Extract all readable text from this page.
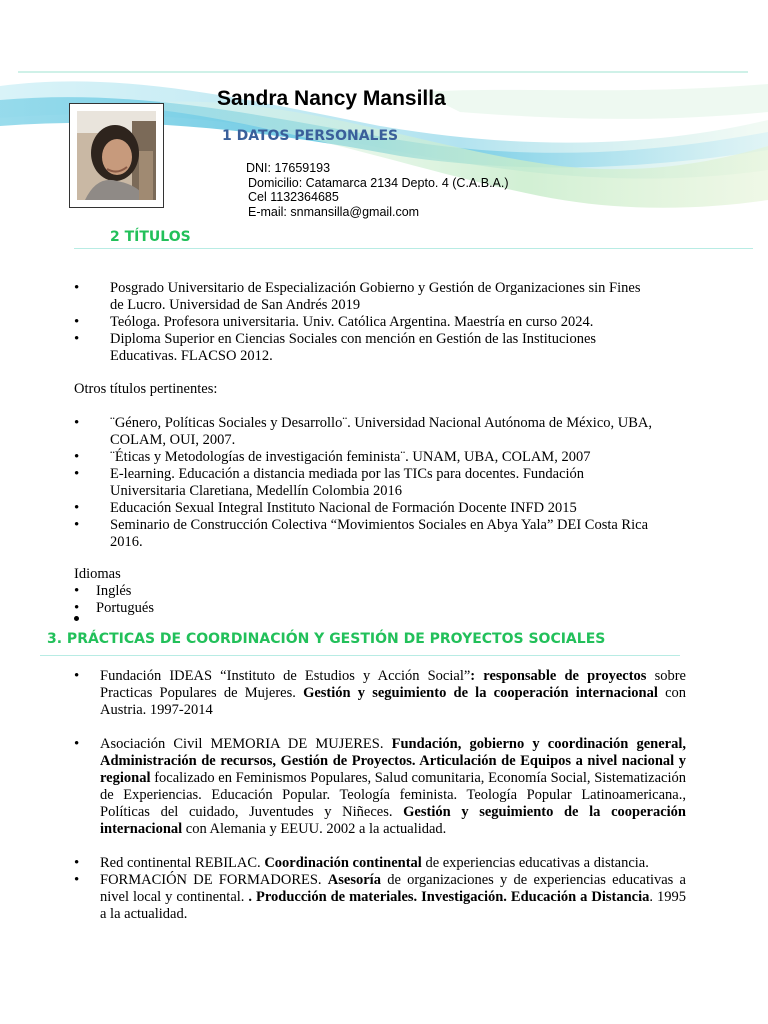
Sandra Nancy Mansilla
1 DATOS PERSONALES
DNI: 17659193
Domicilio: Catamarca 2134 Depto. 4 (C.A.B.A.)
Cel 1132364685
E-mail: snmansilla@gmail.com
2 TÍTULOS
• Posgrado Universitario de Especialización Gobierno y Gestión de Organizaciones sin Fines de Lucro. Universidad de San Andrés 2019
• Teóloga. Profesora universitaria. Univ. Católica Argentina. Maestría en curso 2024.
• Diploma Superior en Ciencias Sociales con mención en Gestión de las Instituciones Educativas. FLACSO 2012.
Otros títulos pertinentes:
• ¨Género, Políticas Sociales y Desarrollo¨. Universidad Nacional Autónoma de México, UBA, COLAM, OUI, 2007.
• ¨Éticas y Metodologías de investigación feminista¨. UNAM, UBA, COLAM, 2007
• E-learning. Educación a distancia mediada por las TICs para docentes. Fundación Universitaria Claretiana, Medellín Colombia 2016
• Educación Sexual Integral Instituto Nacional de Formación Docente INFD 2015
• Seminario de Construcción Colectiva “Movimientos Sociales en Abya Yala” DEI Costa Rica 2016.
Idiomas
• Inglés
• Portugués
3. PRÁCTICAS DE COORDINACIÓN Y GESTIÓN DE PROYECTOS SOCIALES
• Fundación IDEAS “Instituto de Estudios y Acción Social”: responsable de proyectos sobre Practicas Populares de Mujeres. Gestión y seguimiento de la cooperación internacional con Austria. 1997-2014
• Asociación Civil MEMORIA DE MUJERES. Fundación, gobierno y coordinación general, Administración de recursos, Gestión de Proyectos. Articulación de Equipos a nivel nacional y regional focalizado en Feminismos Populares, Salud comunitaria, Economía Social, Sistematización de Experiencias. Educación Popular. Teología feminista. Teología Popular Latinoamericana., Políticas del cuidado, Juventudes y Niñeces. Gestión y seguimiento de la cooperación internacional con Alemania y EEUU. 2002 a la actualidad.
• Red continental REBILAC. Coordinación continental de experiencias educativas a distancia.
• FORMACIÓN DE FORMADORES. Asesoría de organizaciones y de experiencias educativas a nivel local y continental. . Producción de materiales. Investigación. Educación a Distancia. 1995 a la actualidad.
